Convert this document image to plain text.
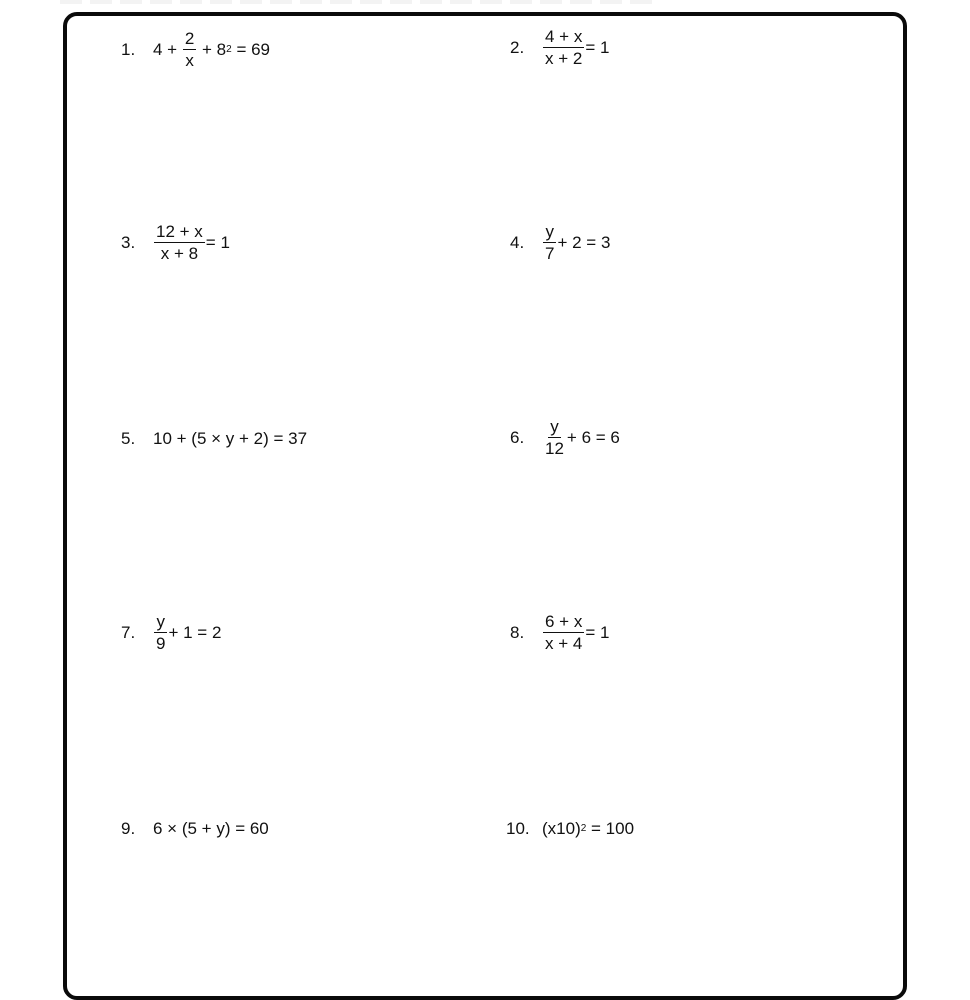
1.	$4 + \frac{2}{x} + 8$ 2 = 69	2.	$\frac{4 + x}{x + 2} = 1$
3.	$\frac{12 + x}{x + 8} = 1$	4.	$\frac{y}{7} + 2 = 3$
5.	10 + (5 × y + 2) = 37	6.	$\frac{y}{12} + 6 = 6$
7.	$\frac{y}{9} + 1 = 2$	8.	$\frac{6 + x}{x + 4} = 1$
9.	6 × (5 + y) = 60	10. (x10) 2 = 100
